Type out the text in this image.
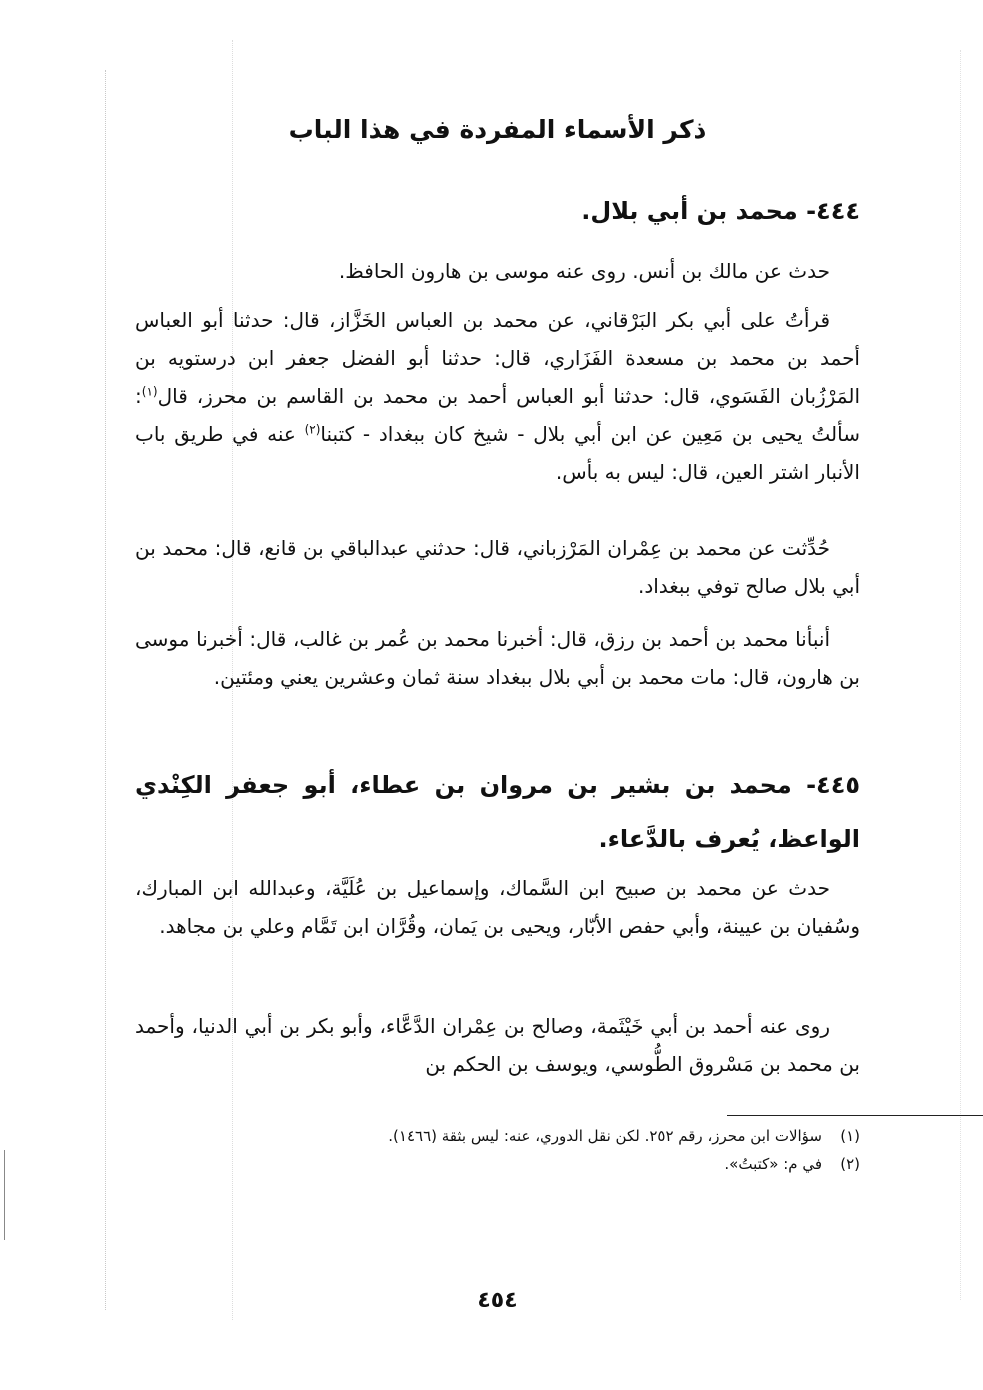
ذكر الأسماء المفردة في هذا الباب
٤٤٤- محمد بن أبي بلال.
حدث عن مالك بن أنس. روى عنه موسى بن هارون الحافظ.
قرأتُ على أبي بكر البَرْقاني، عن محمد بن العباس الخَزَّاز، قال: حدثنا أبو العباس أحمد بن محمد بن مسعدة الفَزَاري، قال: حدثنا أبو الفضل جعفر ابن درستويه بن المَرْزُبان الفَسَوي، قال: حدثنا أبو العباس أحمد بن محمد بن القاسم بن محرز، قال$^{(١)}$: سألتُ يحيى بن مَعِين عن ابن أبي بلال - شيخ كان ببغداد - كتبنا$^{(٢)}$ عنه في طريق باب الأنبار اشتر العين، قال: ليس به بأس.
حُدِّثت عن محمد بن عِمْران المَرْزباني، قال: حدثني عبدالباقي بن قانع، قال: محمد بن أبي بلال صالح توفي ببغداد.
أنبأنا محمد بن أحمد بن رزق، قال: أخبرنا محمد بن عُمر بن غالب، قال: أخبرنا موسى بن هارون، قال: مات محمد بن أبي بلال ببغداد سنة ثمان وعشرين يعني ومئتين.
٤٤٥- محمد بن بشير بن مروان بن عطاء، أبو جعفر الكِنْدي الواعظ، يُعرف بالدَّعاء.
حدث عن محمد بن صبيح ابن السَّماك، وإسماعيل بن عُلَيَّة، وعبدالله ابن المبارك، وسُفيان بن عيينة، وأبي حفص الأبّار، ويحيى بن يَمان، وقُرَّان ابن تَمَّام وعلي بن مجاهد.
روى عنه أحمد بن أبي خَيْثَمة، وصالح بن عِمْران الدَّعَّاء، وأبو بكر بن أبي الدنيا، وأحمد بن محمد بن مَسْروق الطُّوسي، ويوسف بن الحكم بن
(١)سؤالات ابن محرز، رقم ٢٥٢. لكن نقل الدوري، عنه: ليس بثقة (١٤٦٦).
(٢)في م: «كتبتُ».
٤٥٤
